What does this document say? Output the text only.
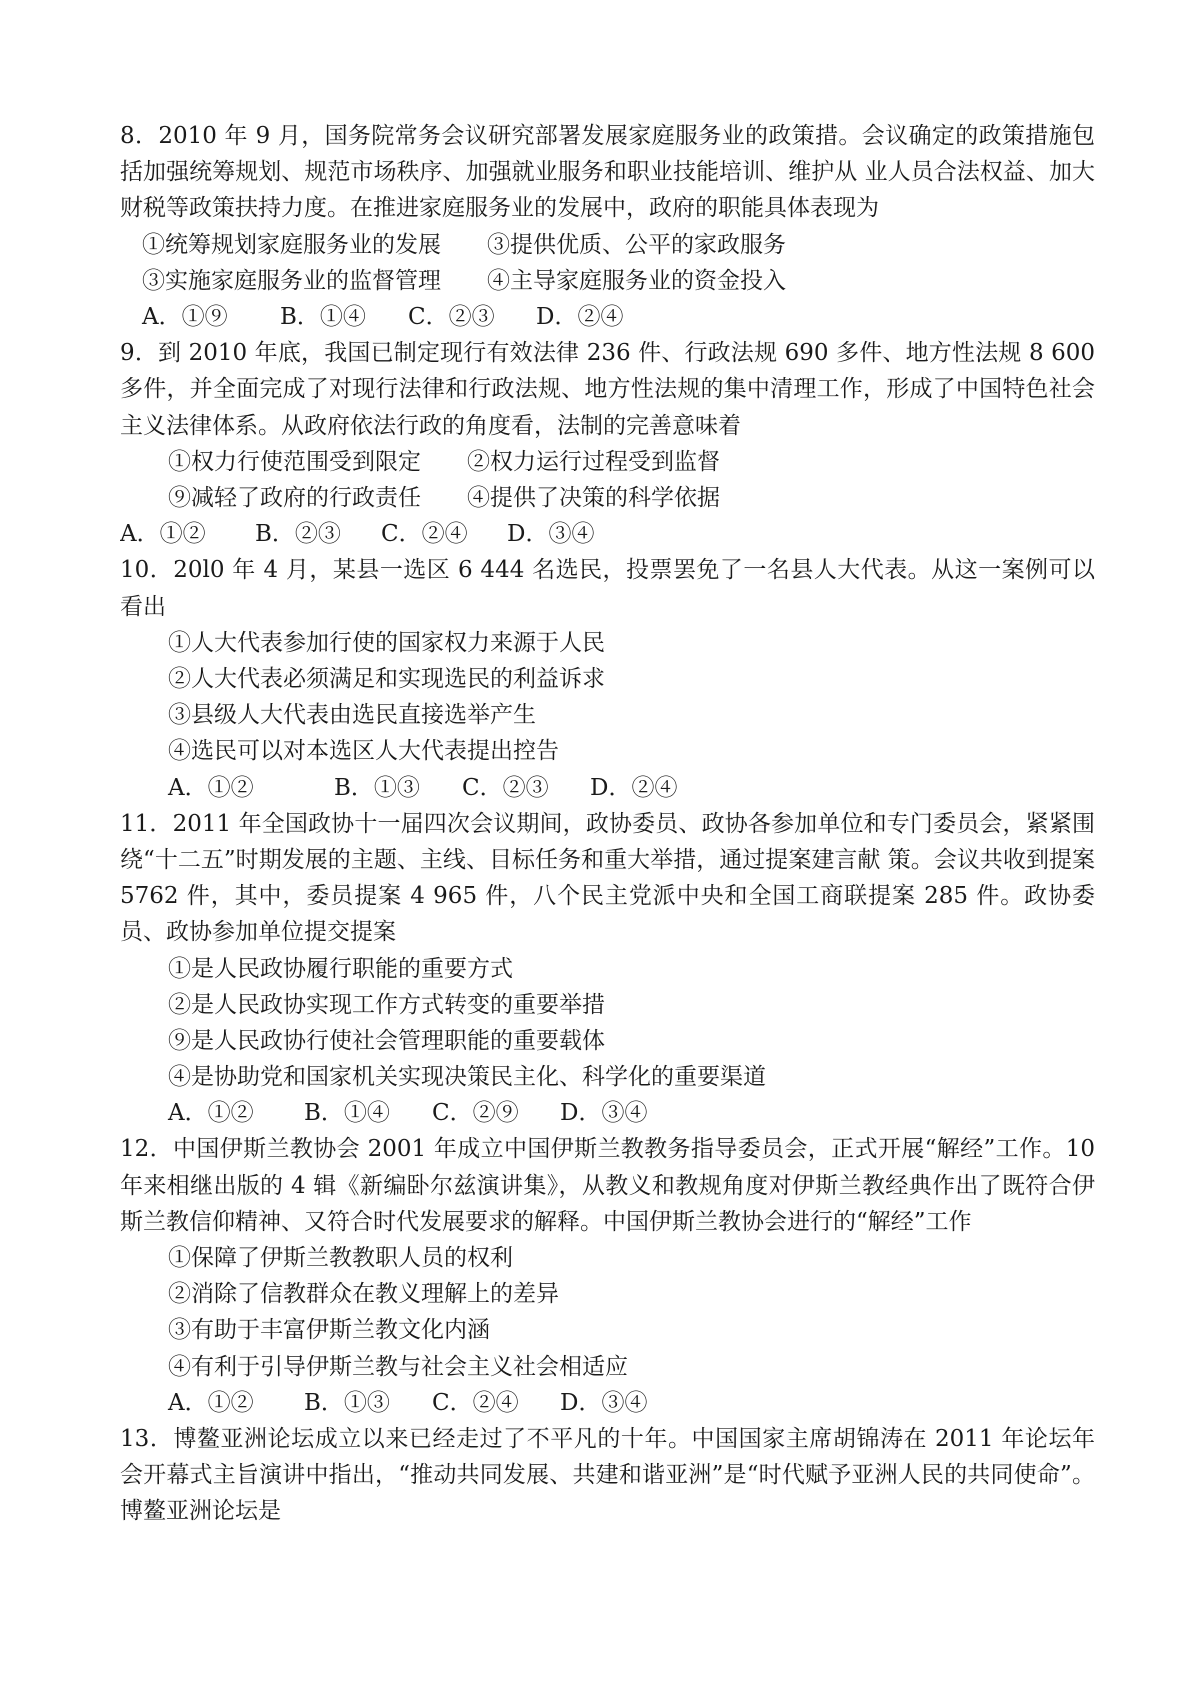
8．2010 年 9 月，国务院常务会议研究部署发展家庭服务业的政策措。会议确定的政策措施包括加强统筹规划、规范市场秩序、加强就业服务和职业技能培训、维护从 业人员合法权益、加大财税等政策扶持力度。在推进家庭服务业的发展中，政府的职能具体表现为
①统筹规划家庭服务业的发展　　③提供优质、公平的家政服务
③实施家庭服务业的监督管理　　④主导家庭服务业的资金投入
A．①⑨	B．①④	C．②③	D．②④
9．到 2010 年底，我国已制定现行有效法律 236 件、行政法规 690 多件、地方性法规 8 600 多件，并全面完成了对现行法律和行政法规、地方性法规的集中清理工作，形成了中国特色社会主义法律体系。从政府依法行政的角度看，法制的完善意味着
①权力行使范围受到限定　　②权力运行过程受到监督
⑨减轻了政府的行政责任　　④提供了决策的科学依据
A．①②	B．②③	C．②④	D．③④
10．20l0 年 4 月，某县一选区 6 444 名选民，投票罢免了一名县人大代表。从这一案例可以看出
①人大代表参加行使的国家权力来源于人民
②人大代表必须满足和实现选民的利益诉求
③县级人大代表由选民直接选举产生
④选民可以对本选区人大代表提出控告
A．①②	B．①③	C．②③	D．②④
11．2011 年全国政协十一届四次会议期间，政协委员、政协各参加单位和专门委员会，紧紧围绕“十二五”时期发展的主题、主线、目标任务和重大举措，通过提案建言献 策。会议共收到提案 5762 件，其中，委员提案 4 965 件，八个民主党派中央和全国工商联提案 285 件。政协委员、政协参加单位提交提案
①是人民政协履行职能的重要方式
②是人民政协实现工作方式转变的重要举措
⑨是人民政协行使社会管理职能的重要载体
④是协助党和国家机关实现决策民主化、科学化的重要渠道
A．①②	B．①④	C．②⑨	D．③④
12．中国伊斯兰教协会 2001 年成立中国伊斯兰教教务指导委员会，正式开展“解经”工作。10 年来相继出版的 4 辑《新编卧尔兹演讲集》，从教义和教规角度对伊斯兰教经典作出了既符合伊斯兰教信仰精神、又符合时代发展要求的解释。中国伊斯兰教协会进行的“解经”工作
①保障了伊斯兰教教职人员的权利
②消除了信教群众在教义理解上的差异
③有助于丰富伊斯兰教文化内涵
④有利于引导伊斯兰教与社会主义社会相适应
A．①②	B．①③	C．②④	D．③④
13．博鳌亚洲论坛成立以来已经走过了不平凡的十年。中国国家主席胡锦涛在 2011 年论坛年会开幕式主旨演讲中指出，“推动共同发展、共建和谐亚洲”是“时代赋予亚洲人民的共同使命”。博鳌亚洲论坛是
